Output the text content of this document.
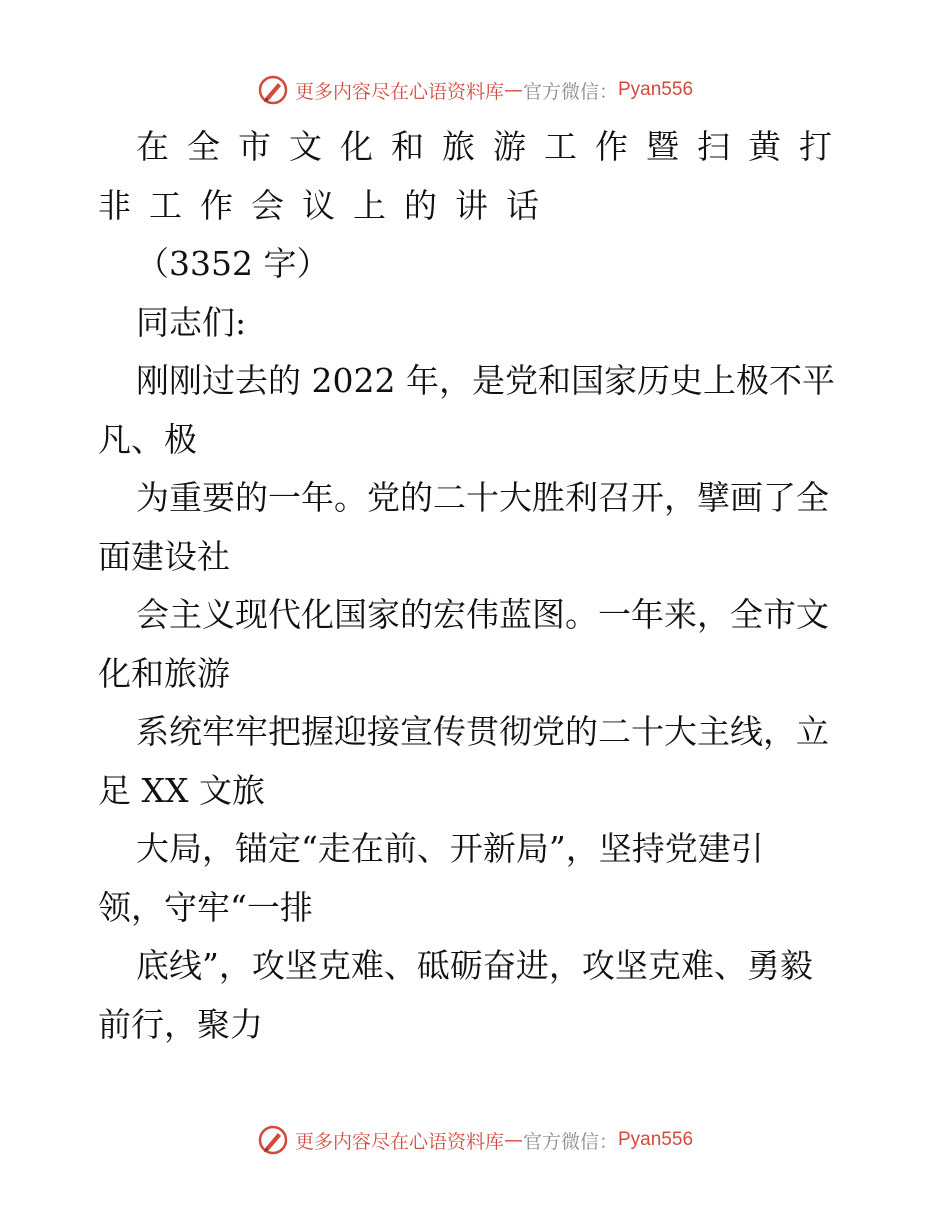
更多内容尽在心语资料库 — 官方微信： Pyan556
在全市文化和旅游工作暨扫黄打
非工作会议上的讲话
（3352 字）
同志们:
刚刚过去的 2022 年，是党和国家历史上极不平
凡、极
为重要的一年。党的二十大胜利召开，擘画了全
面建设社
会主义现代化国家的宏伟蓝图。一年来，全市文
化和旅游
系统牢牢把握迎接宣传贯彻党的二十大主线，立
足 XX 文旅
大局，锚定“走在前、开新局”，坚持党建引
领，守牢“一排
底线”，攻坚克难、砥砺奋进，攻坚克难、勇毅
前行，聚力
更多内容尽在心语资料库 — 官方微信： Pyan556
